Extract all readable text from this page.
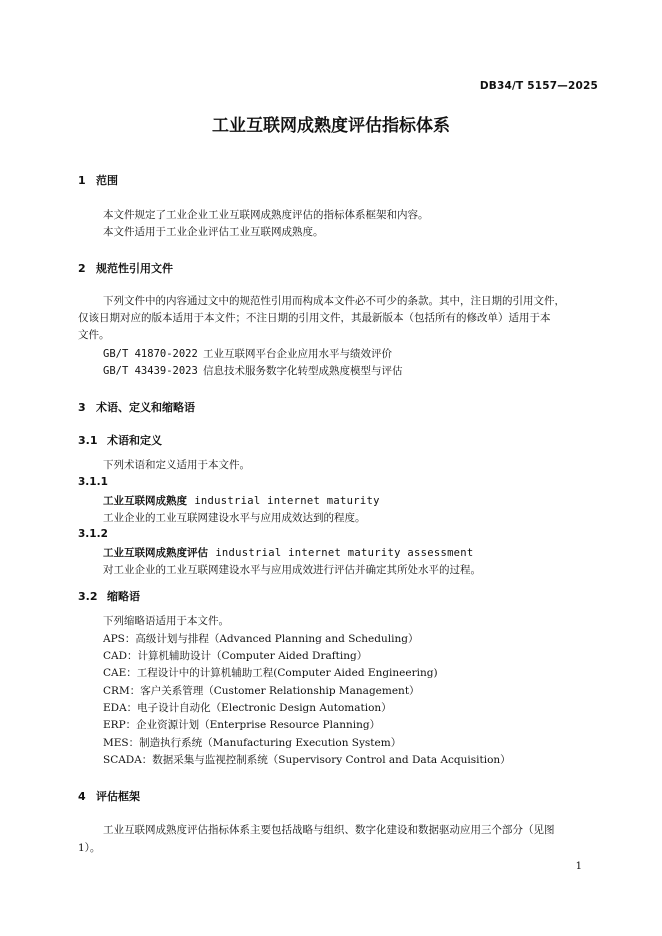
DB34/T 5157—2025
工业互联网成熟度评估指标体系
1 范围
本文件规定了工业企业工业互联网成熟度评估的指标体系框架和内容。
本文件适用于工业企业评估工业互联网成熟度。
2 规范性引用文件
下列文件中的内容通过文中的规范性引用而构成本文件必不可少的条款。其中，注日期的引用文件，
仅该日期对应的版本适用于本文件；不注日期的引用文件，其最新版本（包括所有的修改单）适用于本
文件。
GB/T 41870-2022 工业互联网平台企业应用水平与绩效评价
GB/T 43439-2023 信息技术服务数字化转型成熟度模型与评估
3 术语、定义和缩略语
3.1 术语和定义
下列术语和定义适用于本文件。
3.1.1
工业互联网成熟度 industrial internet maturity
工业企业的工业互联网建设水平与应用成效达到的程度。
3.1.2
工业互联网成熟度评估 industrial internet maturity assessment
对工业企业的工业互联网建设水平与应用成效进行评估并确定其所处水平的过程。
3.2 缩略语
下列缩略语适用于本文件。
APS：高级计划与排程（Advanced Planning and Scheduling）
CAD：计算机辅助设计（Computer Aided Drafting）
CAE：工程设计中的计算机辅助工程(Computer Aided Engineering)
CRM：客户关系管理（Customer Relationship Management）
EDA：电子设计自动化（Electronic Design Automation）
ERP：企业资源计划（Enterprise Resource Planning）
MES：制造执行系统（Manufacturing Execution System）
SCADA：数据采集与监视控制系统（Supervisory Control and Data Acquisition）
4 评估框架
工业互联网成熟度评估指标体系主要包括战略与组织、数字化建设和数据驱动应用三个部分（见图
1）。
1
